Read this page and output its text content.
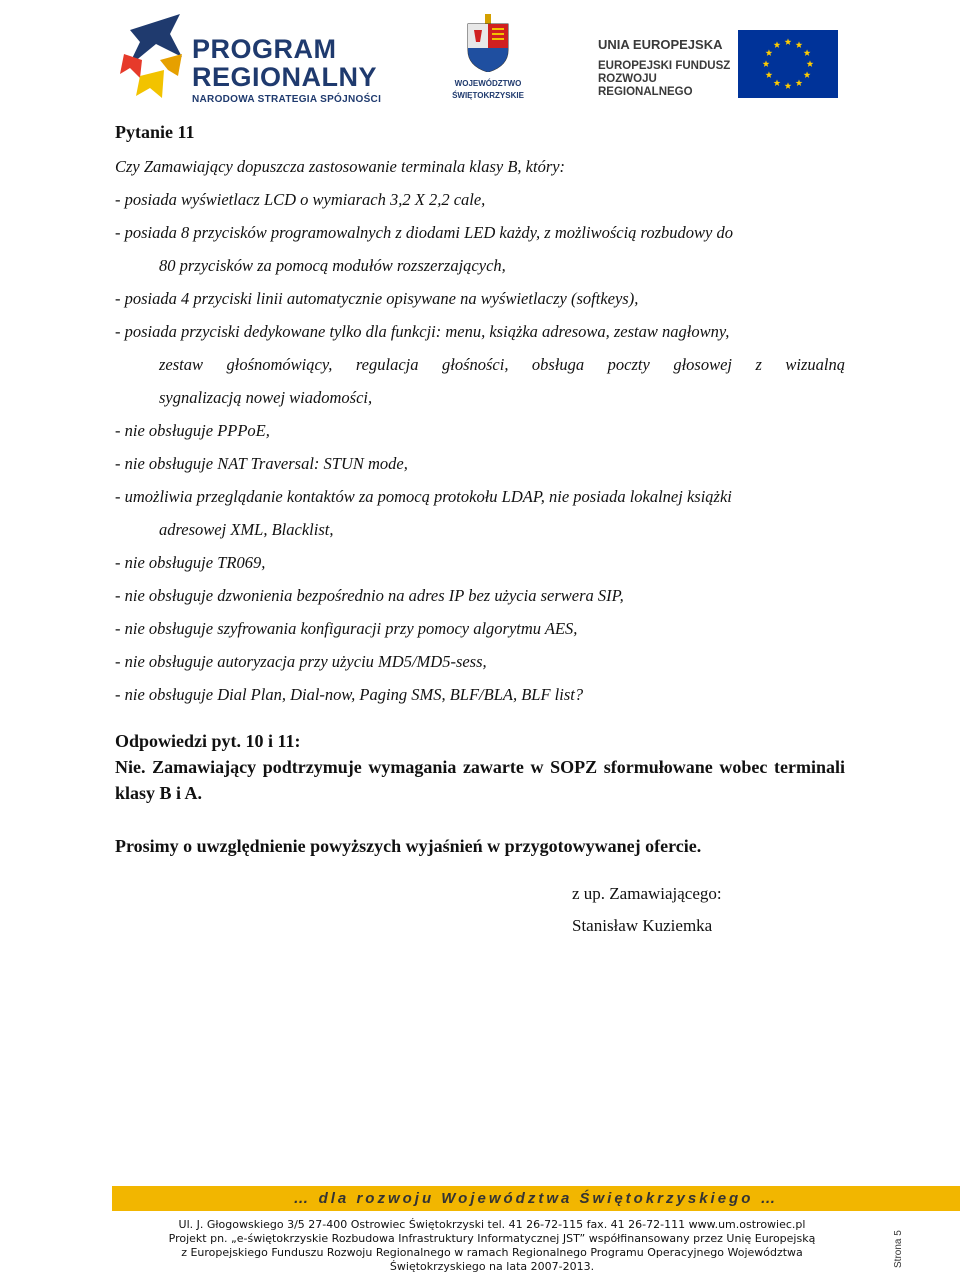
PROGRAM
REGIONALNY
NARODOWA STRATEGIA SPÓJNOŚCI
WOJEWÓDZTWO
ŚWIĘTOKRZYSKIE
UNIA EUROPEJSKA
EUROPEJSKI FUNDUSZ
ROZWOJU REGIONALNEGO
Pytanie 11
Czy Zamawiający dopuszcza zastosowanie terminala klasy B, który:
- posiada wyświetlacz LCD o wymiarach 3,2 X 2,2 cale,
- posiada 8 przycisków programowalnych z diodami LED każdy, z możliwością rozbudowy do
80 przycisków za pomocą modułów rozszerzających,
- posiada 4 przyciski linii automatycznie opisywane na wyświetlaczy (softkeys),
- posiada przyciski dedykowane tylko dla funkcji: menu, książka adresowa, zestaw nagłowny,
zestaw głośnomówiący, regulacja głośności, obsługa poczty głosowej z wizualną
sygnalizacją nowej wiadomości,
- nie obsługuje PPPoE,
- nie obsługuje NAT Traversal: STUN mode,
- umożliwia przeglądanie kontaktów za pomocą protokołu LDAP, nie posiada lokalnej książki
adresowej XML, Blacklist,
- nie obsługuje TR069,
- nie obsługuje dzwonienia bezpośrednio na adres IP bez użycia serwera SIP,
- nie obsługuje szyfrowania konfiguracji przy pomocy algorytmu AES,
- nie obsługuje autoryzacja przy użyciu MD5/MD5-sess,
- nie obsługuje Dial Plan, Dial-now, Paging SMS, BLF/BLA, BLF list?
Odpowiedzi pyt. 10 i 11:
Nie. Zamawiający podtrzymuje wymagania zawarte w SOPZ sformułowane wobec terminali klasy B i A.
Prosimy o uwzględnienie powyższych wyjaśnień w przygotowywanej ofercie.
z up. Zamawiającego:
Stanisław Kuziemka
… dla rozwoju Województwa Świętokrzyskiego …
Ul. J. Głogowskiego 3/5 27-400 Ostrowiec Świętokrzyski tel. 41 26-72-115 fax. 41 26-72-111 www.um.ostrowiec.pl
Projekt pn. „e-świętokrzyskie Rozbudowa Infrastruktury Informatycznej JST” współfinansowany przez Unię Europejską
z Europejskiego Funduszu Rozwoju Regionalnego w ramach Regionalnego Programu Operacyjnego Województwa
Świętokrzyskiego na lata 2007-2013.	Strona 5
